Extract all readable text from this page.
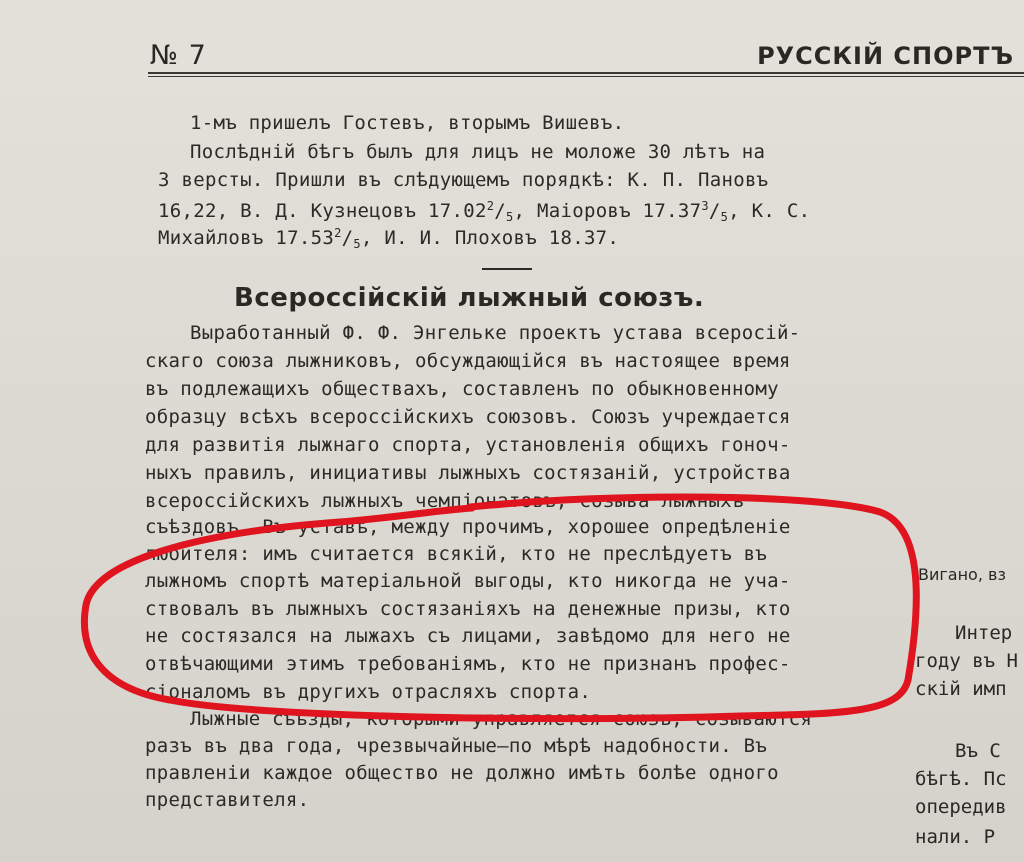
№ 7	РУССКІЙ СПОРТЪ
1-мъ пришелъ Гостевъ, вторымъ Вишевъ.
Послѣдній бѣгъ былъ для лицъ не моложе 30 лѣтъ на
3 версты. Пришли въ слѣдующемъ порядкѣ: К. П. Пановъ
16,22, В. Д. Кузнецовъ $17.02^2/_5$, Маіоровъ $17.37^3/_5$, К. С.
Михайловъ $17.53^2/_5$, И. И. Плоховъ 18.37.
Всероссійскій лыжный союзъ.
Выработанный Ф. Ф. Энгельке проектъ устава всеросій-
скаго союза лыжниковъ, обсуждающійся въ настоящее время
въ подлежащихъ обществахъ, составленъ по обыкновенному
образцу всѣхъ всероссійскихъ союзовъ. Союзъ учреждается
для развитія лыжнаго спорта, установленія общихъ гоноч-
ныхъ правилъ, инициативы лыжныхъ состязаній, устройства
всероссійскихъ лыжныхъ чемпіонатовъ, созыва лыжныхъ
съѣздовъ. Въ уставѣ, между прочимъ, хорошее опредѣленіе
любителя: имъ считается всякій, кто не преслѣдуетъ въ
лыжномъ спортѣ матеріальной выгоды, кто никогда не уча-
ствовалъ въ лыжныхъ состязаніяхъ на денежные призы, кто
не состязался на лыжахъ съ лицами, завѣдомо для него не
отвѣчающими этимъ требованіямъ, кто не признанъ профес-
сіоналомъ въ другихъ отрасляхъ спорта.
Лыжные съѣзды, которыми управляется союзъ, созываются
разъ въ два года, чрезвычайные—по мѣрѣ надобности. Въ
правленіи каждое общество не должно имѣть болѣе одного
представителя.
Вигано, вз
Интер
году въ Н
скій имп
Въ С
бѣгѣ. Пс
опередив
нали. Р
